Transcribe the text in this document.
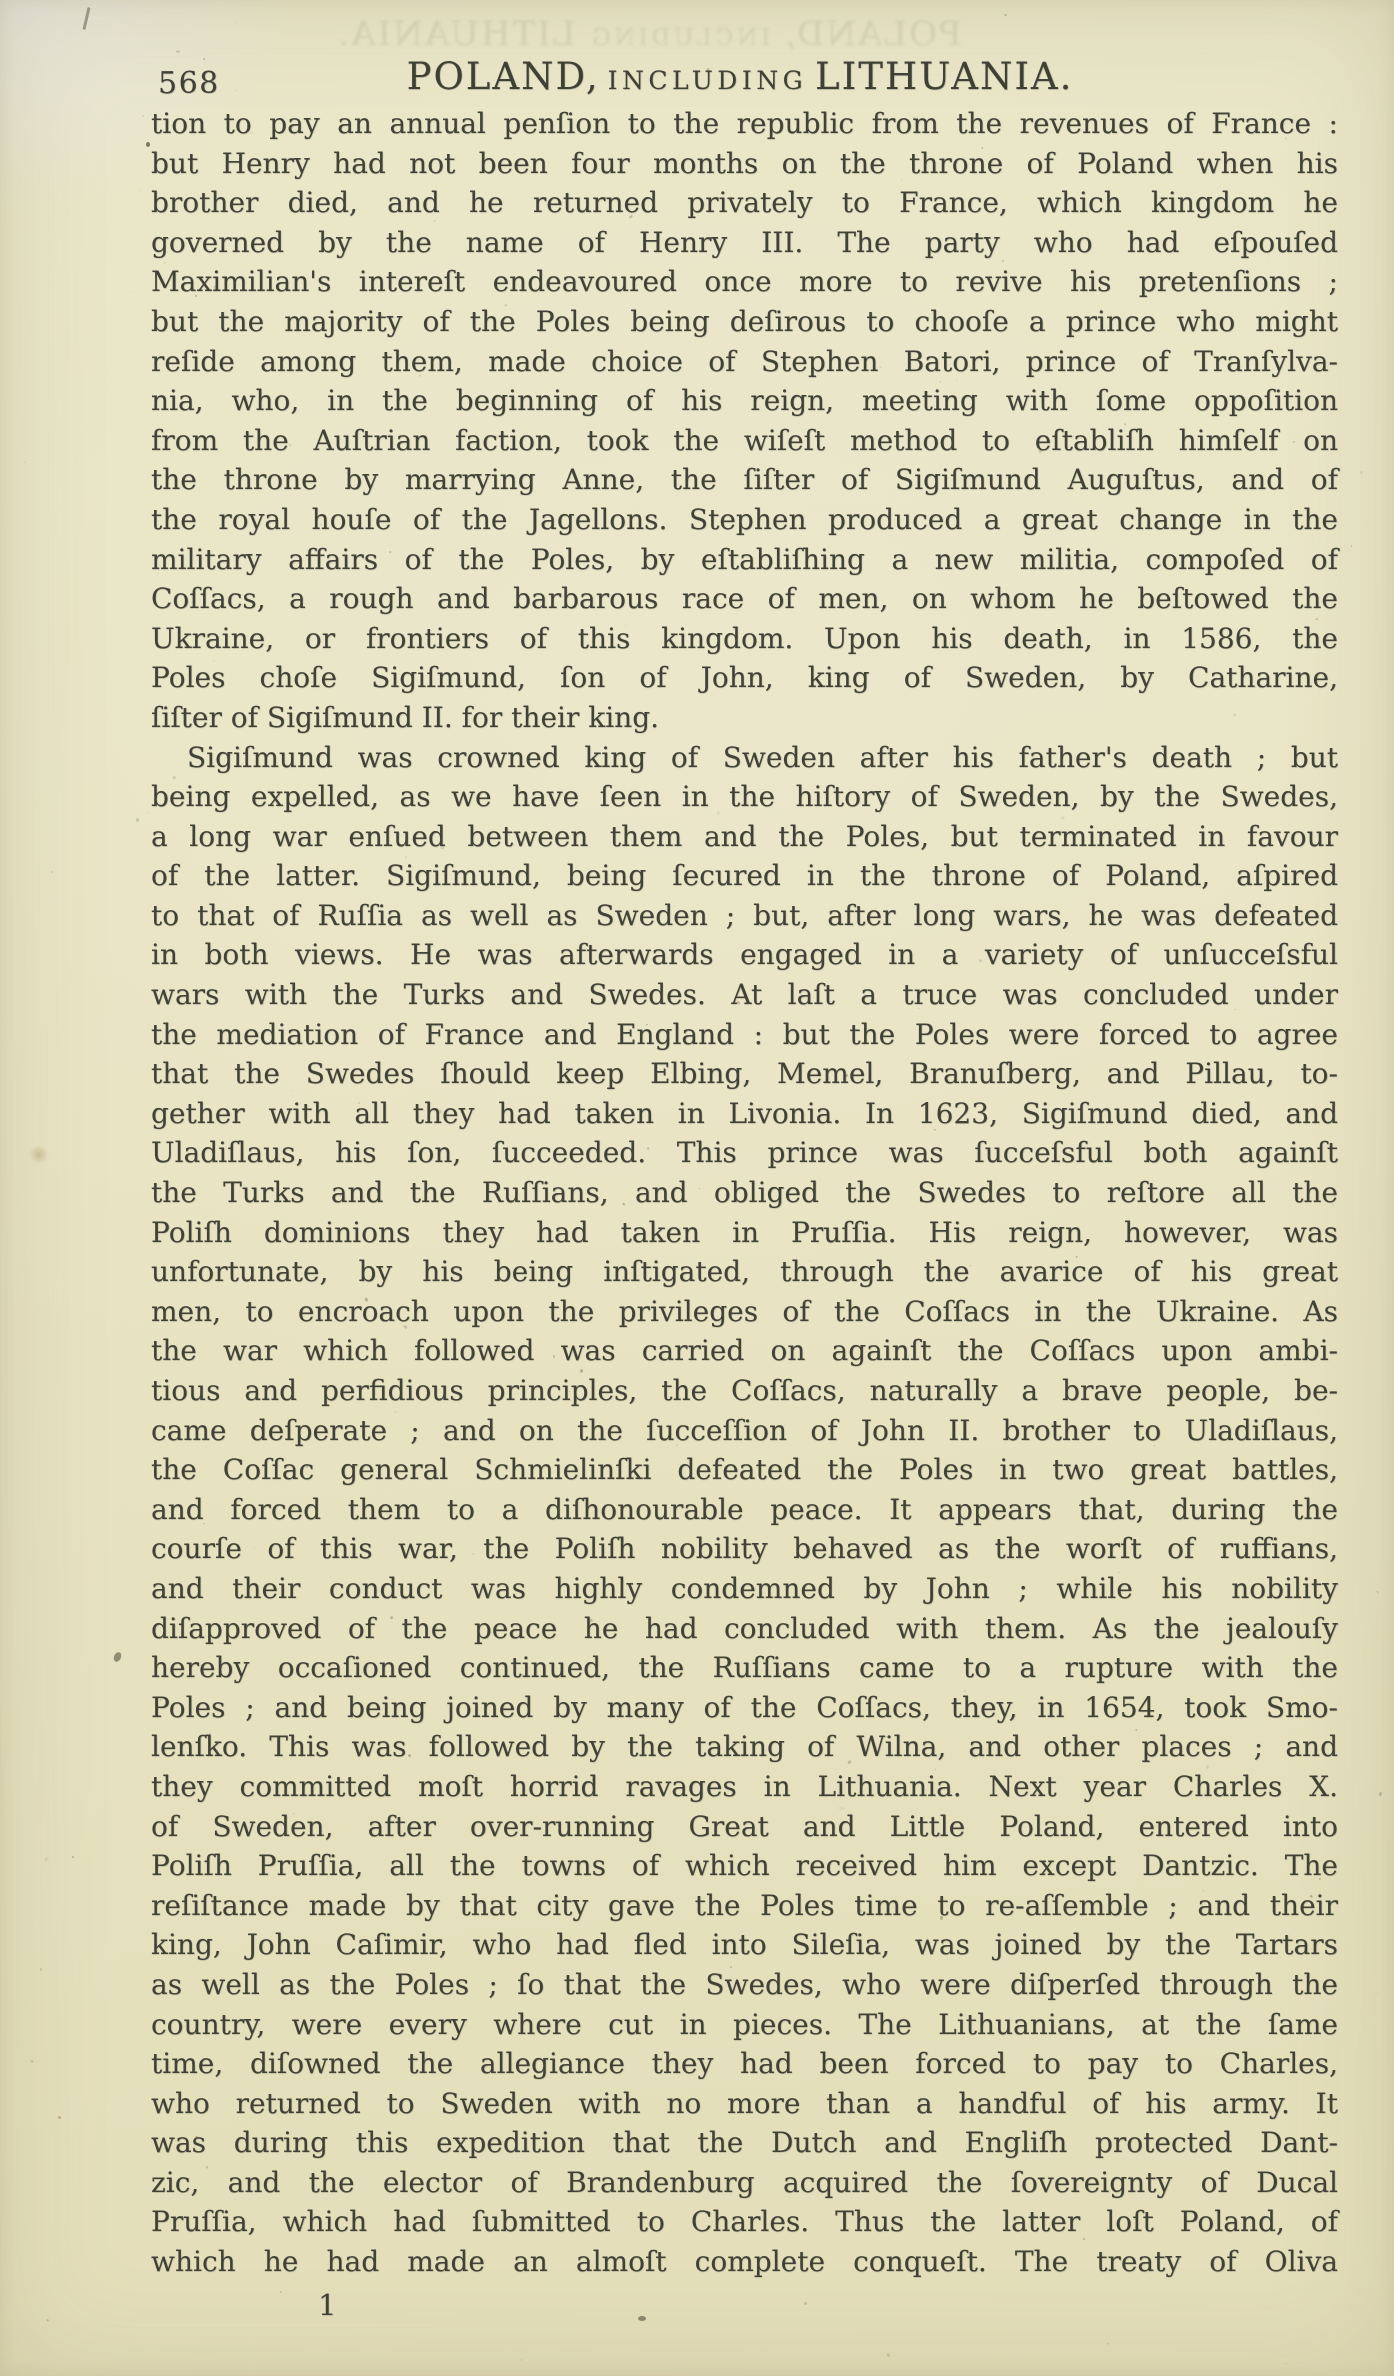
POLAND, INCLUDING LITHUANIA.
568	POLAND, INCLUDING LITHUANIA.
tion to pay an annual penſion to the republic from the revenues of France :
but Henry had not been four months on the throne of Poland when his
brother died, and he returned privately to France, which kingdom he
governed by the name of Henry III. The party who had eſpouſed
Maximilian's intereſt endeavoured once more to revive his pretenſions ;
but the majority of the Poles being deſirous to chooſe a prince who might
reſide among them, made choice of Stephen Batori, prince of Tranſylva-
nia, who, in the beginning of his reign, meeting with ſome oppoſition
from the Auſtrian faction, took the wiſeſt method to eſtabliſh himſelf on
the throne by marrying Anne, the ſiſter of Sigiſmund Auguſtus, and of
the royal houſe of the Jagellons. Stephen produced a great change in the
military affairs of the Poles, by eſtabliſhing a new militia, compoſed of
Coſſacs, a rough and barbarous race of men, on whom he beſtowed the
Ukraine, or frontiers of this kingdom. Upon his death, in 1586, the
Poles choſe Sigiſmund, ſon of John, king of Sweden, by Catharine,
ſiſter of Sigiſmund II. for their king.
Sigiſmund was crowned king of Sweden after his father's death ; but
being expelled, as we have ſeen in the hiſtory of Sweden, by the Swedes,
a long war enſued between them and the Poles, but terminated in favour
of the latter. Sigiſmund, being ſecured in the throne of Poland, aſpired
to that of Ruſſia as well as Sweden ; but, after long wars, he was defeated
in both views. He was afterwards engaged in a variety of unſucceſsful
wars with the Turks and Swedes. At laſt a truce was concluded under
the mediation of France and England : but the Poles were forced to agree
that the Swedes ſhould keep Elbing, Memel, Branuſberg, and Pillau, to-
gether with all they had taken in Livonia. In 1623, Sigiſmund died, and
Uladiſlaus, his ſon, ſucceeded. This prince was ſucceſsful both againſt
the Turks and the Ruſſians, and obliged the Swedes to reſtore all the
Poliſh dominions they had taken in Pruſſia. His reign, however, was
unfortunate, by his being inſtigated, through the avarice of his great
men, to encroach upon the privileges of the Coſſacs in the Ukraine. As
the war which followed was carried on againſt the Coſſacs upon ambi-
tious and perfidious principles, the Coſſacs, naturally a brave people, be-
came deſperate ; and on the ſucceſſion of John II. brother to Uladiſlaus,
the Coſſac general Schmielinſki defeated the Poles in two great battles,
and forced them to a diſhonourable peace. It appears that, during the
courſe of this war, the Poliſh nobility behaved as the worſt of ruffians,
and their conduct was highly condemned by John ; while his nobility
diſapproved of the peace he had concluded with them. As the jealouſy
hereby occaſioned continued, the Ruſſians came to a rupture with the
Poles ; and being joined by many of the Coſſacs, they, in 1654, took Smo-
lenſko. This was followed by the taking of Wilna, and other places ; and
they committed moſt horrid ravages in Lithuania. Next year Charles X.
of Sweden, after over-running Great and Little Poland, entered into
Poliſh Pruſſia, all the towns of which received him except Dantzic. The
reſiſtance made by that city gave the Poles time to re-aſſemble ; and their
king, John Caſimir, who had fled into Sileſia, was joined by the Tartars
as well as the Poles ; ſo that the Swedes, who were diſperſed through the
country, were every where cut in pieces. The Lithuanians, at the ſame
time, diſowned the allegiance they had been forced to pay to Charles,
who returned to Sweden with no more than a handful of his army. It
was during this expedition that the Dutch and Engliſh protected Dant-
zic, and the elector of Brandenburg acquired the ſovereignty of Ducal
Pruſſia, which had ſubmitted to Charles. Thus the latter loſt Poland, of
which he had made an almoſt complete conqueſt. The treaty of Oliva
1
